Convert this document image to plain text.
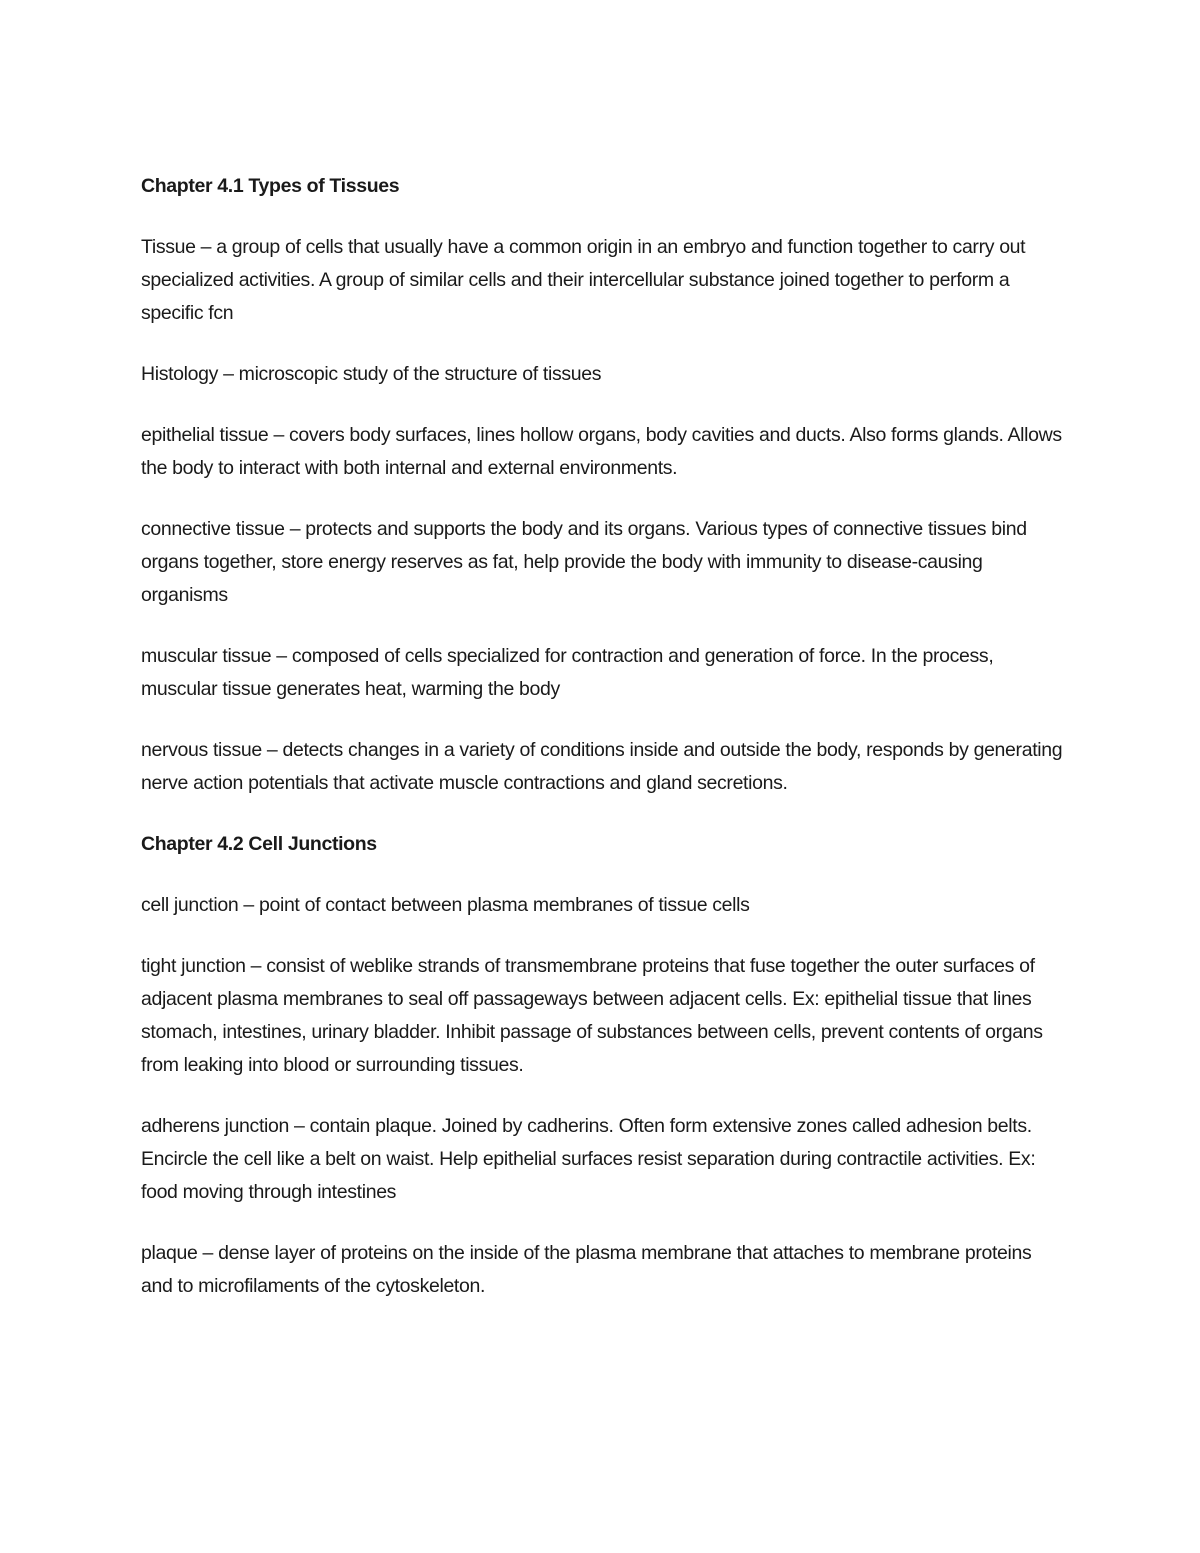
Chapter 4.1 Types of Tissues
Tissue – a group of cells that usually have a common origin in an embryo and function together to carry out specialized activities. A group of similar cells and their intercellular substance joined together to perform a specific fcn
Histology – microscopic study of the structure of tissues
epithelial tissue – covers body surfaces, lines hollow organs, body cavities and ducts. Also forms glands. Allows the body to interact with both internal and external environments.
connective tissue – protects and supports the body and its organs. Various types of connective tissues bind organs together, store energy reserves as fat, help provide the body with immunity to disease-causing organisms
muscular tissue – composed of cells specialized for contraction and generation of force. In the process, muscular tissue generates heat, warming the body
nervous tissue – detects changes in a variety of conditions inside and outside the body, responds by generating nerve action potentials that activate muscle contractions and gland secretions.
Chapter 4.2 Cell Junctions
cell junction – point of contact between plasma membranes of tissue cells
tight junction – consist of weblike strands of transmembrane proteins that fuse together the outer surfaces of adjacent plasma membranes to seal off passageways between adjacent cells. Ex: epithelial tissue that lines stomach, intestines, urinary bladder. Inhibit passage of substances between cells, prevent contents of organs from leaking into blood or surrounding tissues.
adherens junction – contain plaque. Joined by cadherins. Often form extensive zones called adhesion belts. Encircle the cell like a belt on waist. Help epithelial surfaces resist separation during contractile activities. Ex: food moving through intestines
plaque – dense layer of proteins on the inside of the plasma membrane that attaches to membrane proteins and to microfilaments of the cytoskeleton.
